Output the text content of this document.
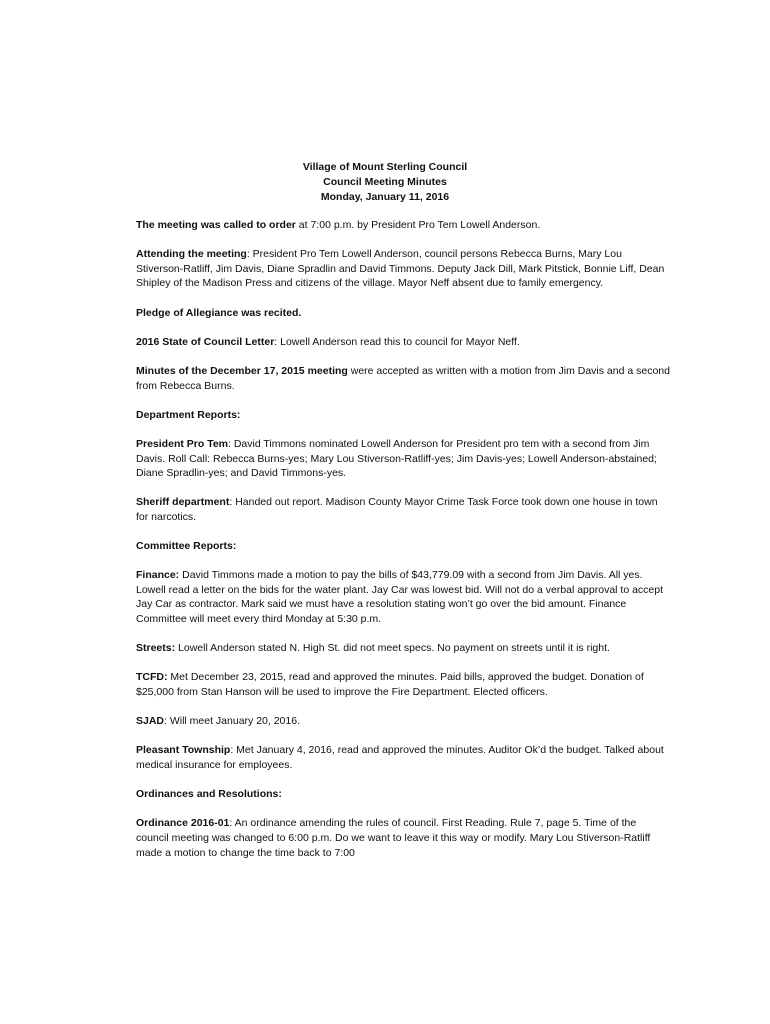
Village of Mount Sterling Council
Council Meeting Minutes
Monday, January 11, 2016

The meeting was called to order at 7:00 p.m. by President Pro Tem Lowell Anderson.

Attending the meeting: President Pro Tem Lowell Anderson, council persons Rebecca Burns, Mary Lou Stiverson-Ratliff, Jim Davis, Diane Spradlin and David Timmons. Deputy Jack Dill, Mark Pitstick, Bonnie Liff, Dean Shipley of the Madison Press and citizens of the village. Mayor Neff absent due to family emergency.

Pledge of Allegiance was recited.

2016 State of Council Letter: Lowell Anderson read this to council for Mayor Neff.

Minutes of the December 17, 2015 meeting were accepted as written with a motion from Jim Davis and a second from Rebecca Burns.

Department Reports:

President Pro Tem: David Timmons nominated Lowell Anderson for President pro tem with a second from Jim Davis. Roll Call: Rebecca Burns-yes; Mary Lou Stiverson-Ratliff-yes; Jim Davis-yes; Lowell Anderson-abstained; Diane Spradlin-yes; and David Timmons-yes.

Sheriff department: Handed out report. Madison County Mayor Crime Task Force took down one house in town for narcotics.

Committee Reports:

Finance: David Timmons made a motion to pay the bills of $43,779.09 with a second from Jim Davis. All yes. Lowell read a letter on the bids for the water plant. Jay Car was lowest bid. Will not do a verbal approval to accept Jay Car as contractor. Mark said we must have a resolution stating won’t go over the bid amount. Finance Committee will meet every third Monday at 5:30 p.m.

Streets: Lowell Anderson stated N. High St. did not meet specs. No payment on streets until it is right.

TCFD: Met December 23, 2015, read and approved the minutes. Paid bills, approved the budget. Donation of $25,000 from Stan Hanson will be used to improve the Fire Department. Elected officers.

SJAD: Will meet January 20, 2016.

Pleasant Township: Met January 4, 2016, read and approved the minutes. Auditor Ok’d the budget. Talked about medical insurance for employees.

Ordinances and Resolutions:

Ordinance 2016-01: An ordinance amending the rules of council. First Reading. Rule 7, page 5. Time of the council meeting was changed to 6:00 p.m. Do we want to leave it this way or modify. Mary Lou Stiverson-Ratliff made a motion to change the time back to 7:00
